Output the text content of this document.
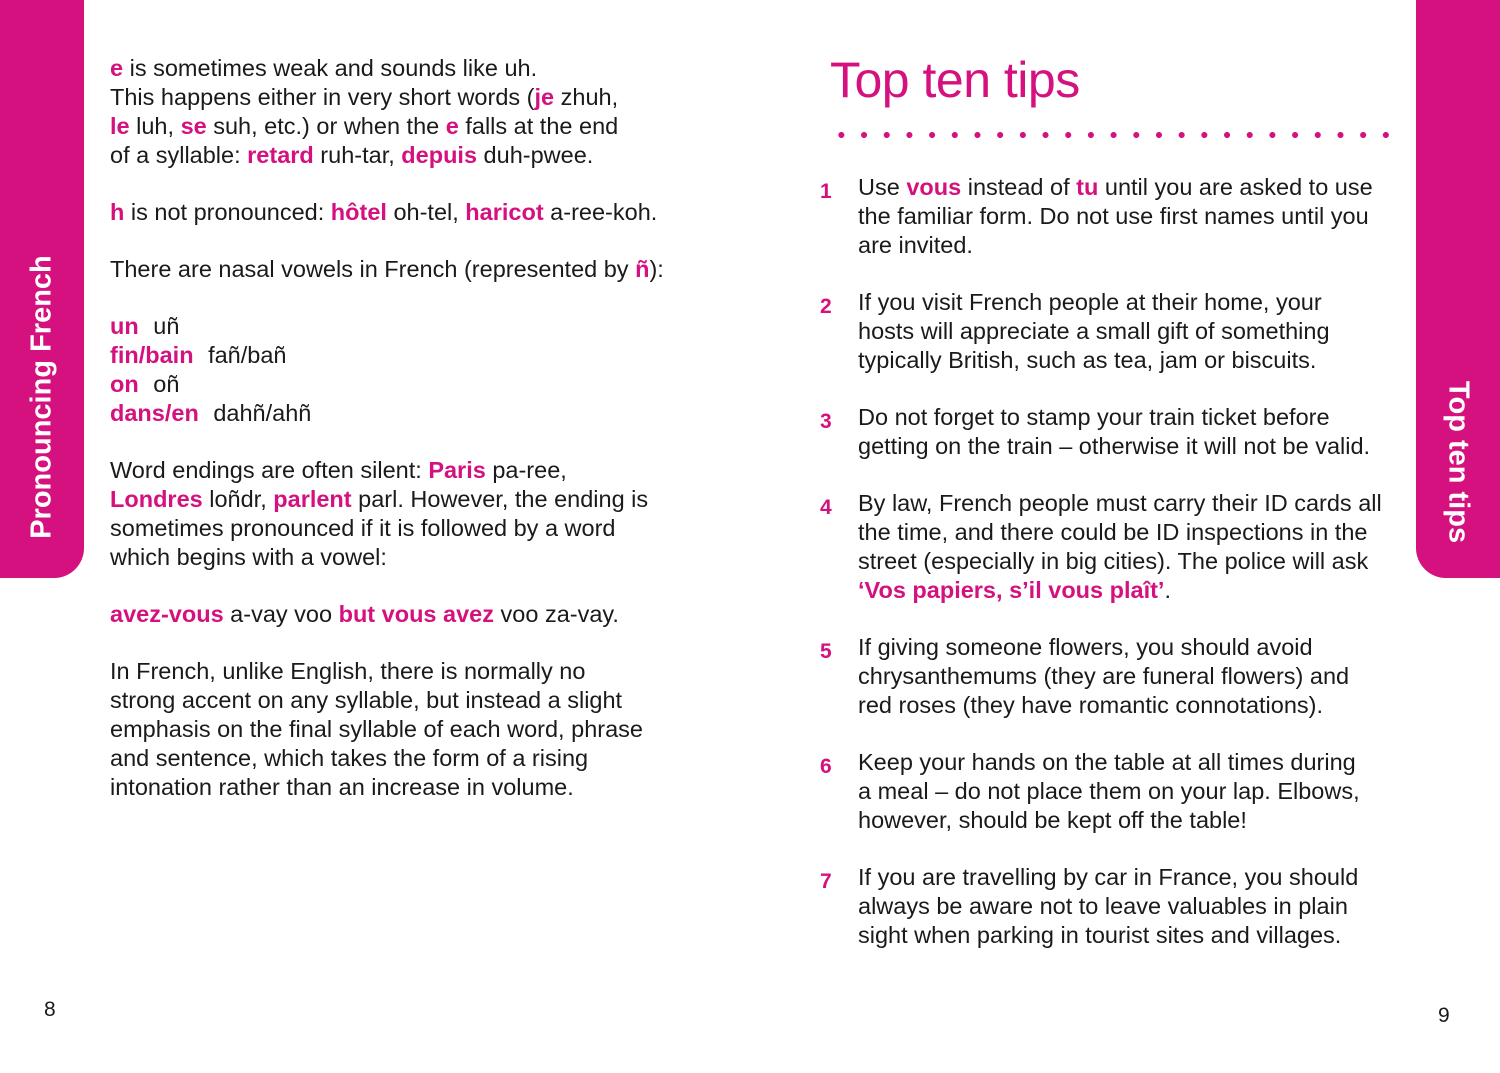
Pronouncing French

e is sometimes weak and sounds like uh.
This happens either in very short words (je zhuh,
le luh, se suh, etc.) or when the e falls at the end
of a syllable: retard ruh-tar, depuis duh-pwee.

h is not pronounced: hôtel oh-tel, haricot a-ree-koh.

There are nasal vowels in French (represented by ñ):

un uñ
fin/bain fañ/bañ
on oñ
dans/en dahñ/ahñ

Word endings are often silent: Paris pa-ree,
Londres loñdr, parlent parl. However, the ending is
sometimes pronounced if it is followed by a word
which begins with a vowel:

avez-vous a-vay voo but vous avez voo za-vay.

In French, unlike English, there is normally no
strong accent on any syllable, but instead a slight
emphasis on the final syllable of each word, phrase
and sentence, which takes the form of a rising
intonation rather than an increase in volume.

8
Top ten tips
1	Use vous instead of tu until you are asked to use
the familiar form. Do not use first names until you
are invited.
2	If you visit French people at their home, your
hosts will appreciate a small gift of something
typically British, such as tea, jam or biscuits.
3	Do not forget to stamp your train ticket before
getting on the train – otherwise it will not be valid.
4	By law, French people must carry their ID cards all
the time, and there could be ID inspections in the
street (especially in big cities). The police will ask
‘Vos papiers, s’il vous plaît’.
5	If giving someone flowers, you should avoid
chrysanthemums (they are funeral flowers) and
red roses (they have romantic connotations).
6	Keep your hands on the table at all times during
a meal – do not place them on your lap. Elbows,
however, should be kept off the table!
7	If you are travelling by car in France, you should
always be aware not to leave valuables in plain
sight when parking in tourist sites and villages.
Top ten tips
9
